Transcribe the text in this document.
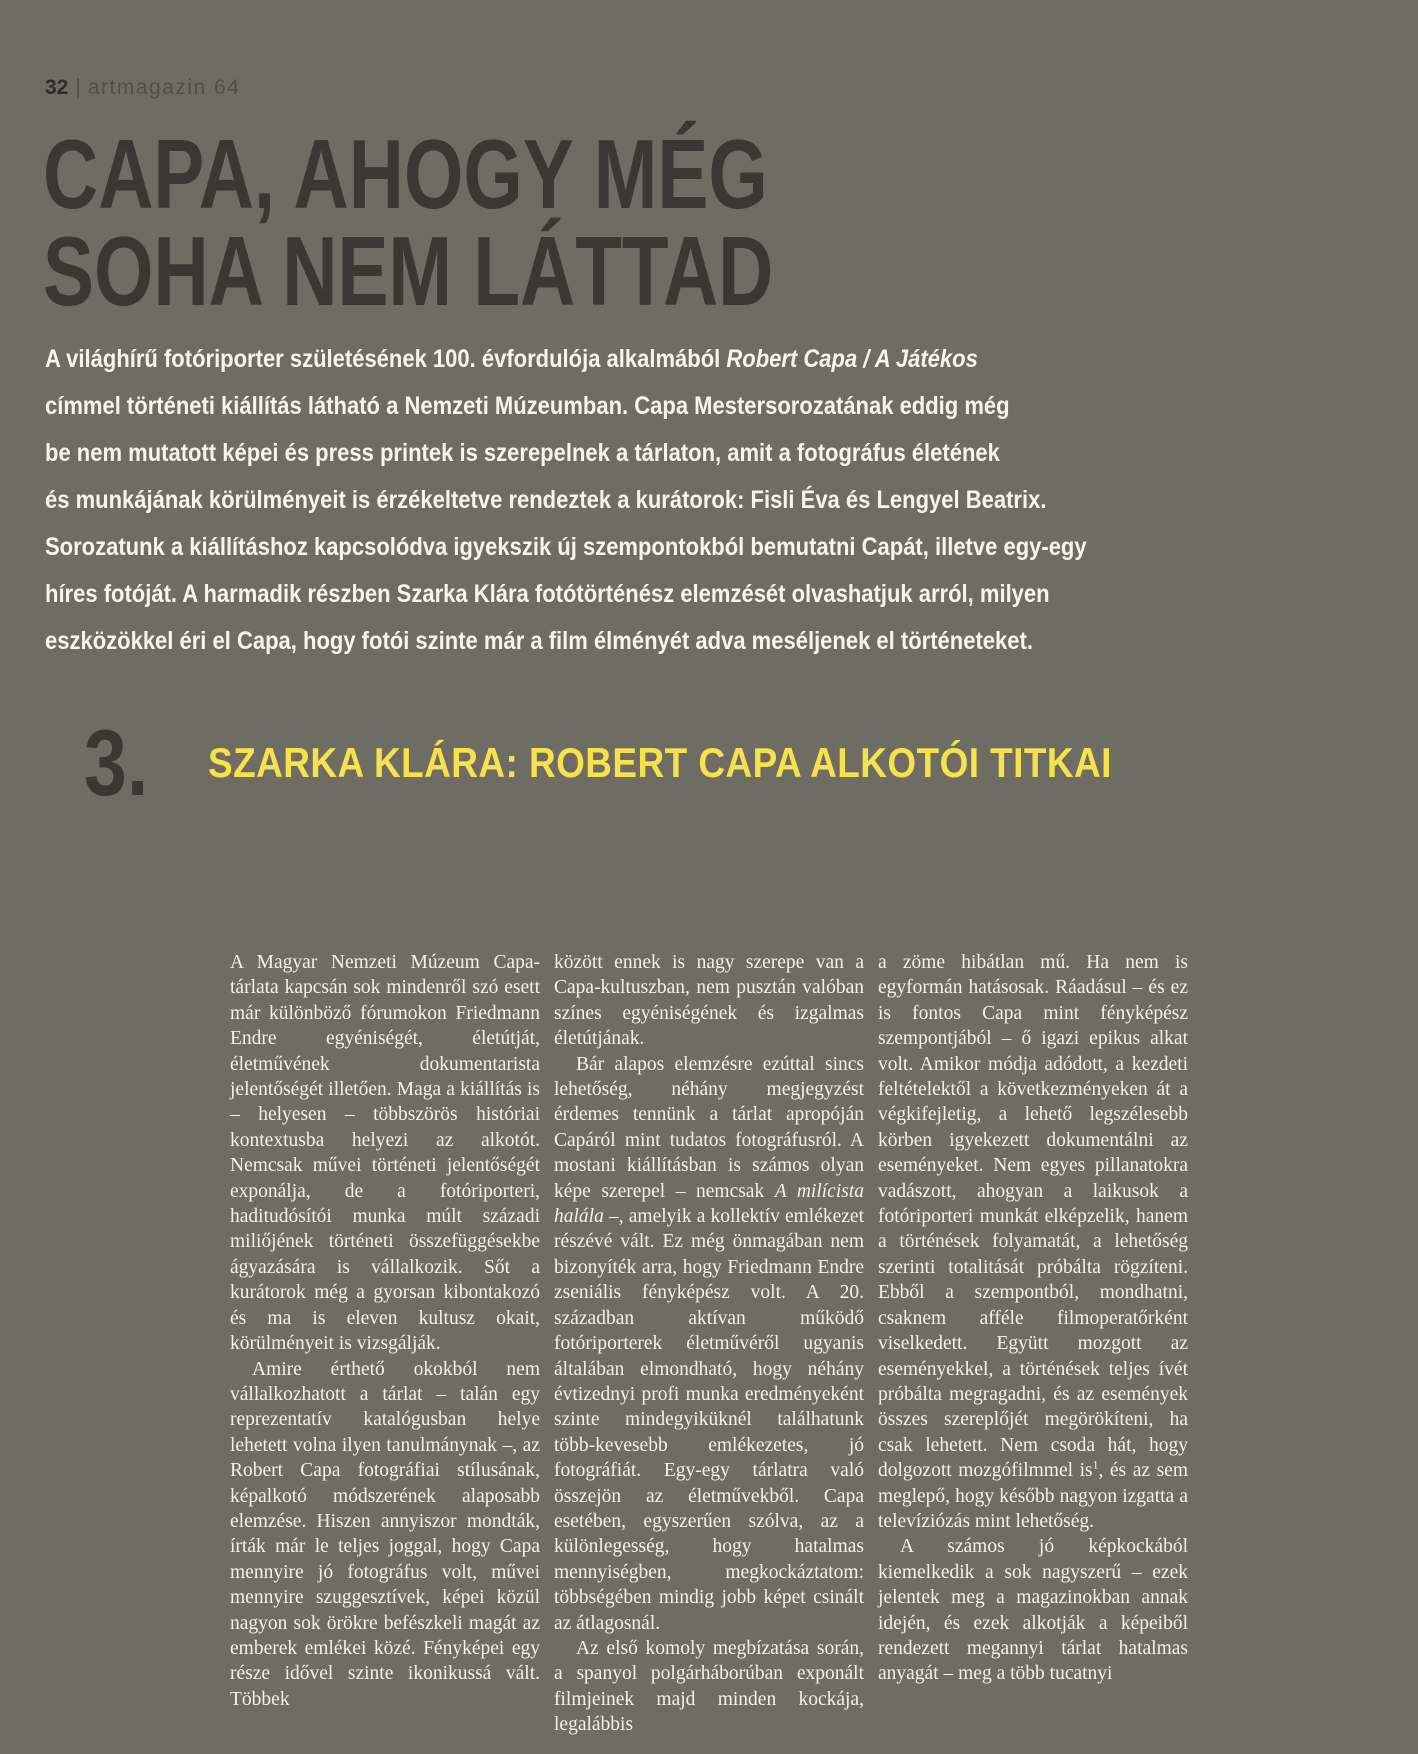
32 | artmagazin 64
CAPA, AHOGY MÉG
SOHA NEM LÁTTAD
A világhírű fotóriporter születésének 100. évfordulója alkalmából Robert Capa / A Játékos
címmel történeti kiállítás látható a Nemzeti Múzeumban. Capa Mestersorozatának eddig még
be nem mutatott képei és press printek is szerepelnek a tárlaton, amit a fotográfus életének
és munkájának körülményeit is érzékeltetve rendeztek a kurátorok: Fisli Éva és Lengyel Beatrix.
Sorozatunk a kiállításhoz kapcsolódva igyekszik új szempontokból bemutatni Capát, illetve egy-egy
híres fotóját. A harmadik részben Szarka Klára fotótörténész elemzését olvashatjuk arról, milyen
eszközökkel éri el Capa, hogy fotói szinte már a film élményét adva meséljenek el történeteket.
3. SZARKA KLÁRA: ROBERT CAPA ALKOTÓI TITKAI

A Magyar Nemzeti Múzeum Capa-tárlata kapcsán sok mindenről szó esett már különböző fórumokon Friedmann Endre egyéniségét, életútját, életművének dokumentarista jelentőségét illetően. Maga a kiállítás is – helyesen – többszörös históriai kontextusba helyezi az alkotót. Nemcsak művei történeti jelentőségét exponálja, de a fotóriporteri, haditudósítói munka múlt századi miliőjének történeti összefüggésekbe ágyazására is vállalkozik. Sőt a kurátorok még a gyorsan kibontakozó és ma is eleven kultusz okait, körülményeit is vizsgálják.

Amire érthető okokból nem vállalkozhatott a tárlat – talán egy reprezentatív katalógusban helye lehetett volna ilyen tanulmánynak –, az Robert Capa fotográfiai stílusának, képalkotó módszerének alaposabb elemzése. Hiszen annyiszor mondták, írták már le teljes joggal, hogy Capa mennyire jó fotográfus volt, művei mennyire szuggesztívek, képei közül nagyon sok örökre befészkeli magát az emberek emlékei közé. Fényképei egy része idővel szinte ikonikussá vált. Többek

között ennek is nagy szerepe van a Capa-kultuszban, nem pusztán valóban színes egyéniségének és izgalmas életútjának.

Bár alapos elemzésre ezúttal sincs lehetőség, néhány megjegyzést érdemes tennünk a tárlat apropóján Capáról mint tudatos fotográfusról. A mostani kiállításban is számos olyan képe szerepel – nemcsak A milícista halála –, amelyik a kollektív emlékezet részévé vált. Ez még önmagában nem bizonyíték arra, hogy Friedmann Endre zseniális fényképész volt. A 20. században aktívan működő fotóriporterek életművéről ugyanis általában elmondható, hogy néhány évtizednyi profi munka eredményeként szinte mindegyiküknél találhatunk több-kevesebb emlékezetes, jó fotográfiát. Egy-egy tárlatra való összejön az életművekből. Capa esetében, egyszerűen szólva, az a különlegesség, hogy hatalmas mennyiségben, megkockáztatom: többségében mindig jobb képet csinált az átlagosnál.

Az első komoly megbízatása során, a spanyol polgárháborúban exponált filmjeinek majd minden kockája, legalábbis

a zöme hibátlan mű. Ha nem is egyformán hatásosak. Ráadásul – és ez is fontos Capa mint fényképész szempontjából – ő igazi epikus alkat volt. Amikor módja adódott, a kezdeti feltételektől a következményeken át a végkifejletig, a lehető legszélesebb körben igyekezett dokumentálni az eseményeket. Nem egyes pillanatokra vadászott, ahogyan a laikusok a fotóriporteri munkát elképzelik, hanem a történések folyamatát, a lehetőség szerinti totalitását próbálta rögzíteni. Ebből a szempontból, mondhatni, csaknem afféle filmoperatőrként viselkedett. Együtt mozgott az eseményekkel, a történések teljes ívét próbálta megragadni, és az események összes szereplőjét megörökíteni, ha csak lehetett. Nem csoda hát, hogy dolgozott mozgófilmmel $is^1$, és az sem meglepő, hogy később nagyon izgatta a televíziózás mint lehetőség.

A számos jó képkockából kiemelkedik a sok nagyszerű – ezek jelentek meg a magazinokban annak idején, és ezek alkotják a képeiből rendezett megannyi tárlat hatalmas anyagát – meg a több tucatnyi
